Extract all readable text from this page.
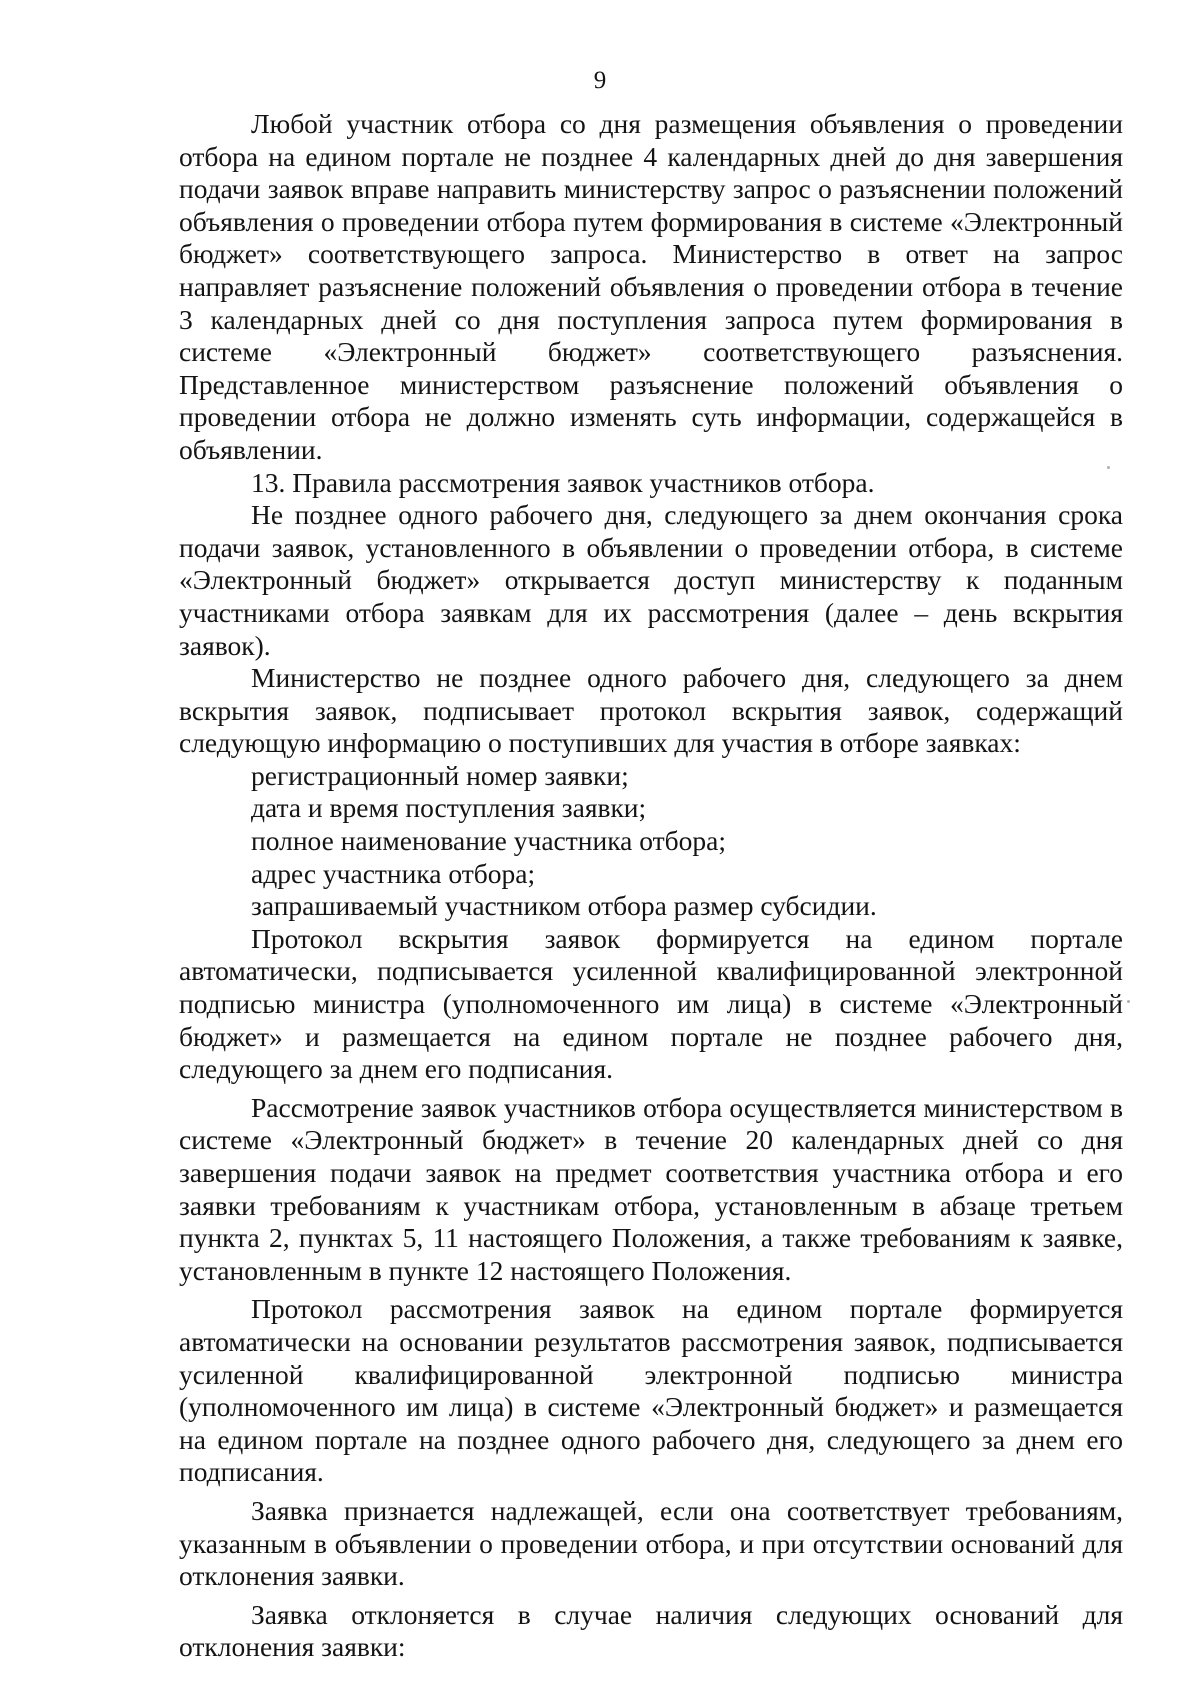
9

Любой участник отбора со дня размещения объявления о проведении отбора на едином портале не позднее 4 календарных дней до дня завершения подачи заявок вправе направить министерству запрос о разъяснении положений объявления о проведении отбора путем формирования в системе «Электронный бюджет» соответствующего запроса. Министерство в ответ на запрос направляет разъяснение положений объявления о проведении отбора в течение 3 календарных дней со дня поступления запроса путем формирования в системе «Электронный бюджет» соответствующего разъяснения. Представленное министерством разъяснение положений объявления о проведении отбора не должно изменять суть информации, содержащейся в объявлении.

13. Правила рассмотрения заявок участников отбора.

Не позднее одного рабочего дня, следующего за днем окончания срока подачи заявок, установленного в объявлении о проведении отбора, в системе «Электронный бюджет» открывается доступ министерству к поданным участниками отбора заявкам для их рассмотрения (далее – день вскрытия заявок).

Министерство не позднее одного рабочего дня, следующего за днем вскрытия заявок, подписывает протокол вскрытия заявок, содержащий следующую информацию о поступивших для участия в отборе заявках:

регистрационный номер заявки;
дата и время поступления заявки;
полное наименование участника отбора;
адрес участника отбора;
запрашиваемый участником отбора размер субсидии.

Протокол вскрытия заявок формируется на едином портале автоматически, подписывается усиленной квалифицированной электронной подписью министра (уполномоченного им лица) в системе «Электронный бюджет» и размещается на едином портале не позднее рабочего дня, следующего за днем его подписания.

Рассмотрение заявок участников отбора осуществляется министерством в системе «Электронный бюджет» в течение 20 календарных дней со дня завершения подачи заявок на предмет соответствия участника отбора и его заявки требованиям к участникам отбора, установленным в абзаце третьем пункта 2, пунктах 5, 11 настоящего Положения, а также требованиям к заявке, установленным в пункте 12 настоящего Положения.

Протокол рассмотрения заявок на едином портале формируется автоматически на основании результатов рассмотрения заявок, подписывается усиленной квалифицированной электронной подписью министра (уполномоченного им лица) в системе «Электронный бюджет» и размещается на едином портале на позднее одного рабочего дня, следующего за днем его подписания.

Заявка признается надлежащей, если она соответствует требованиям, указанным в объявлении о проведении отбора, и при отсутствии оснований для отклонения заявки.

Заявка отклоняется в случае наличия следующих оснований для отклонения заявки:
